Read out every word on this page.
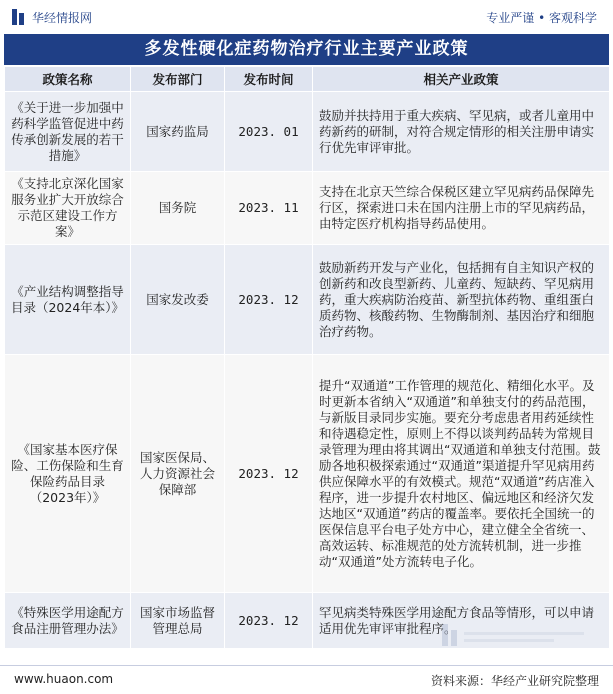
华经情报网	专业严谨 • 客观科学
多发性硬化症药物治疗行业主要产业政策
政策名称	发布部门	发布时间	相关产业政策
《关于进一步加强中药科学监管促进中药传承创新发展的若干措施》	国家药监局	2023. 01	鼓励并扶持用于重大疾病、罕见病，或者儿童用中药新药的研制，对符合规定情形的相关注册申请实行优先审评审批。
《支持北京深化国家服务业扩大开放综合示范区建设工作方案》	国务院	2023. 11	支持在北京天竺综合保税区建立罕见病药品保障先行区，探索进口未在国内注册上市的罕见病药品，由特定医疗机构指导药品使用。
《产业结构调整指导目录（2024年本）》	国家发改委	2023. 12	鼓励新药开发与产业化，包括拥有自主知识产权的创新药和改良型新药、儿童药、短缺药、罕见病用药，重大疾病防治疫苗、新型抗体药物、重组蛋白质药物、核酸药物、生物酶制剂、基因治疗和细胞治疗药物。
《国家基本医疗保险、工伤保险和生育保险药品目录（2023年）》	国家医保局、人力资源社会保障部	2023. 12	提升“双通道”工作管理的规范化、精细化水平。及时更新本省纳入“双通道”和单独支付的药品范围，与新版目录同步实施。要充分考虑患者用药延续性和待遇稳定性，原则上不得以谈判药品转为常规目录管理为理由将其调出“双通道和单独支付范围。鼓励各地积极探索通过“双通道”渠道提升罕见病用药供应保障水平的有效模式。规范“双通道”药店准入程序，进一步提升农村地区、偏远地区和经济欠发达地区“双通道”药店的覆盖率。要依托全国统一的医保信息平台电子处方中心，建立健全全省统一、高效运转、标准规范的处方流转机制，进一步推动“双通道”处方流转电子化。
《特殊医学用途配方食品注册管理办法》	国家市场监督管理总局	2023. 12	罕见病类特殊医学用途配方食品等情形，可以申请适用优先审评审批程序。
www.huaon.com	资料来源：华经产业研究院整理
